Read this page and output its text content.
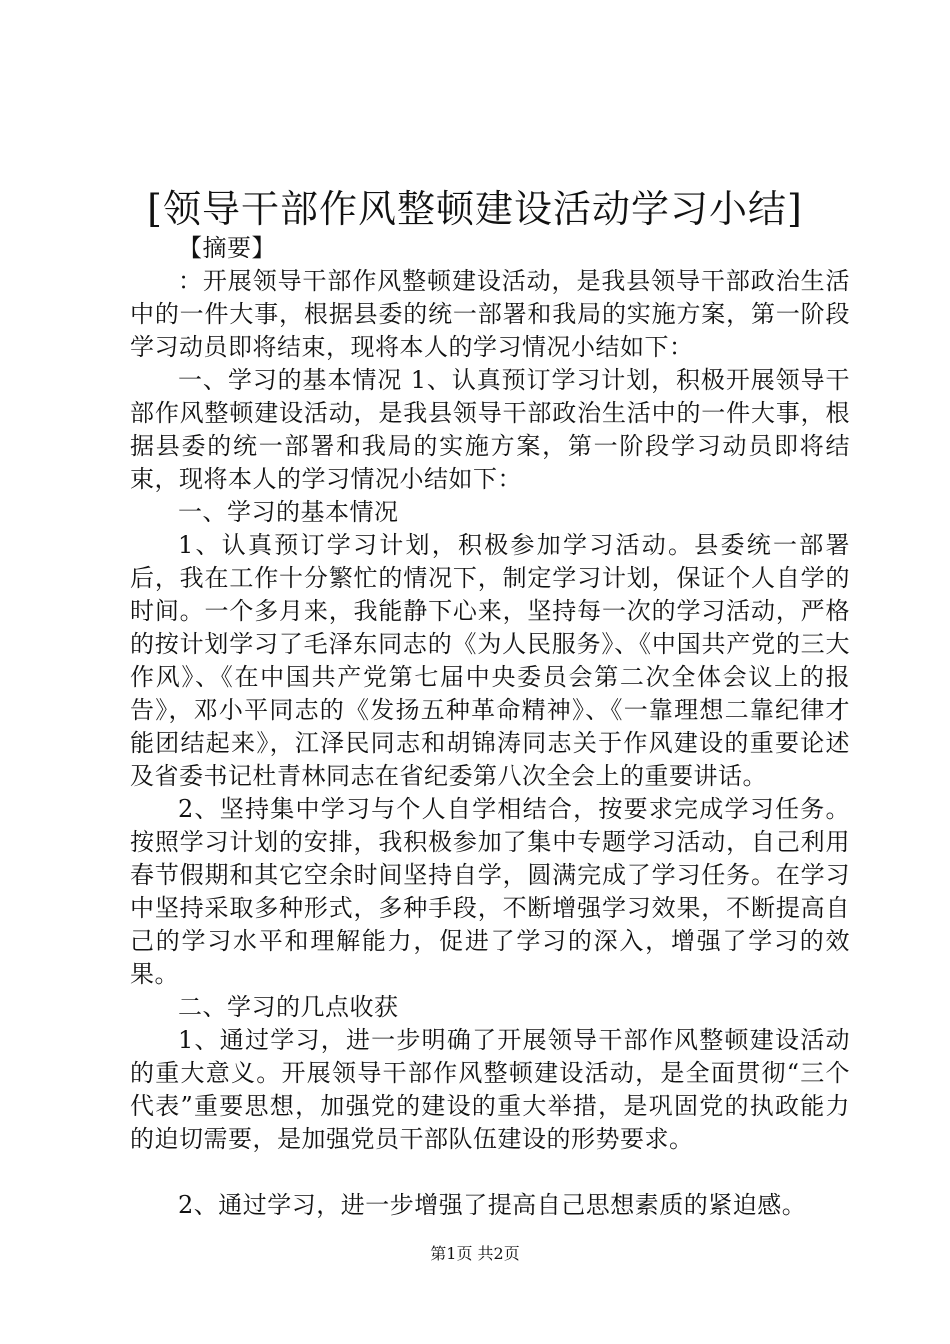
[领导干部作风整顿建设活动学习小结]

【摘要】

：开展领导干部作风整顿建设活动，是我县领导干部政治生活中的一件大事，根据县委的统一部署和我局的实施方案，第一阶段学习动员即将结束，现将本人的学习情况小结如下：

一、学习的基本情况 1、认真预订学习计划，积极开展领导干部作风整顿建设活动，是我县领导干部政治生活中的一件大事，根据县委的统一部署和我局的实施方案，第一阶段学习动员即将结束，现将本人的学习情况小结如下：

一、学习的基本情况

1、认真预订学习计划，积极参加学习活动。县委统一部署后，我在工作十分繁忙的情况下，制定学习计划，保证个人自学的时间。一个多月来，我能静下心来，坚持每一次的学习活动，严格的按计划学习了毛泽东同志的《为人民服务》、《中国共产党的三大作风》、《在中国共产党第七届中央委员会第二次全体会议上的报告》，邓小平同志的《发扬五种革命精神》、《一靠理想二靠纪律才能团结起来》，江泽民同志和胡锦涛同志关于作风建设的重要论述及省委书记杜青林同志在省纪委第八次全会上的重要讲话。

2、坚持集中学习与个人自学相结合，按要求完成学习任务。按照学习计划的安排，我积极参加了集中专题学习活动，自己利用春节假期和其它空余时间坚持自学，圆满完成了学习任务。在学习中坚持采取多种形式，多种手段，不断增强学习效果，不断提高自己的学习水平和理解能力，促进了学习的深入，增强了学习的效果。

二、学习的几点收获

1、通过学习，进一步明确了开展领导干部作风整顿建设活动的重大意义。开展领导干部作风整顿建设活动，是全面贯彻“三个代表”重要思想，加强党的建设的重大举措，是巩固党的执政能力的迫切需要，是加强党员干部队伍建设的形势要求。

2、通过学习，进一步增强了提高自己思想素质的紧迫感。

第1页 共2页
